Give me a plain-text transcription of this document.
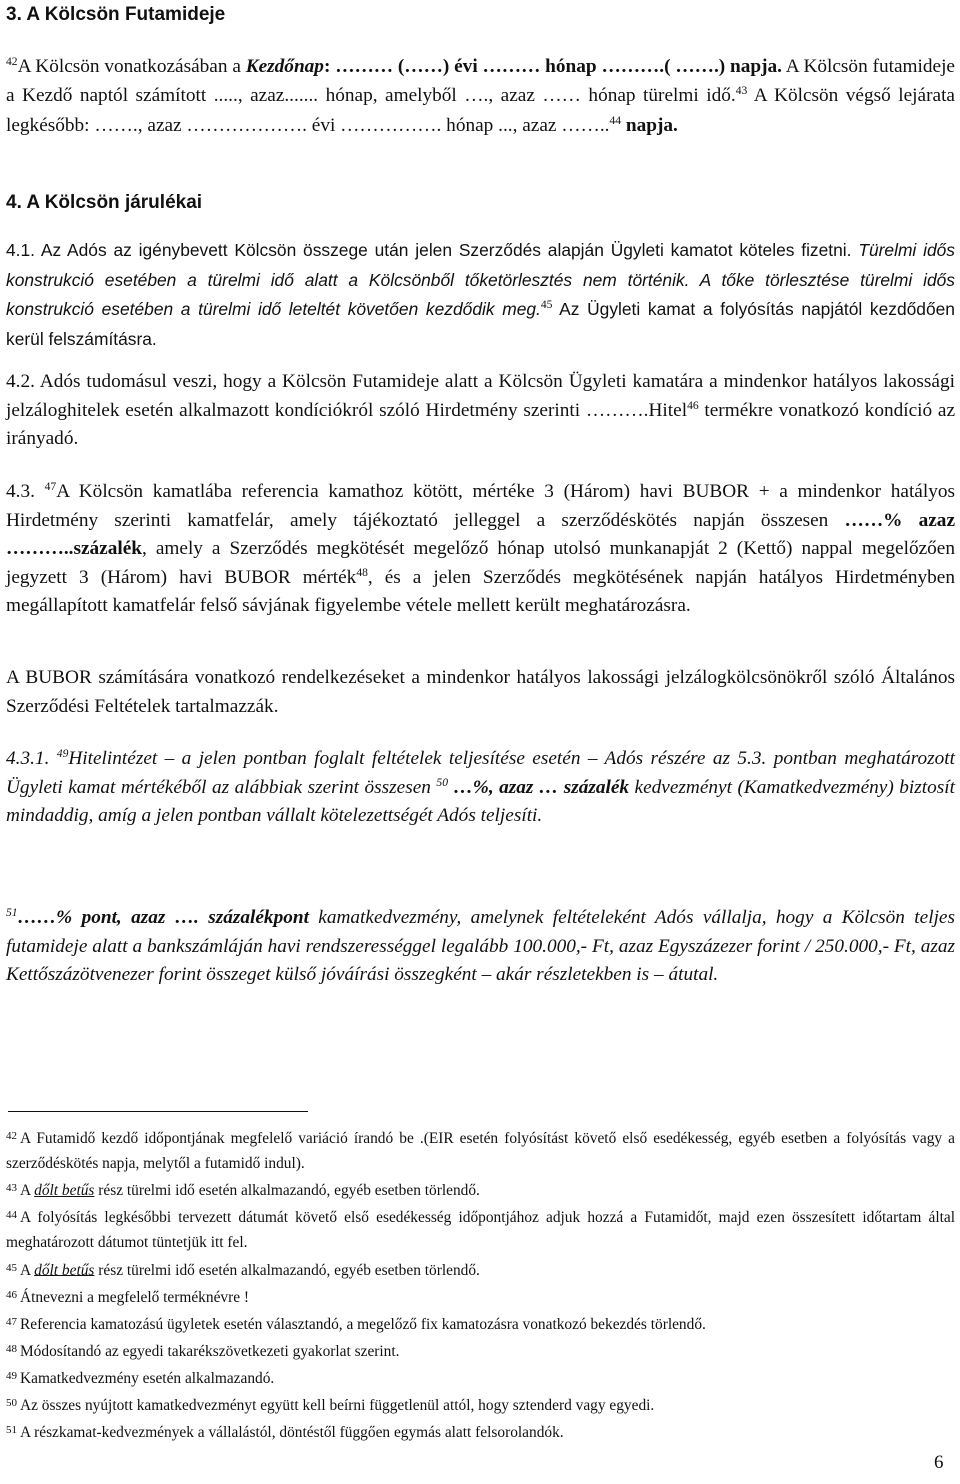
3. A Kölcsön Futamideje

$^{42}$A Kölcsön vonatkozásában a Kezdőnap: ……… (……) évi ……… hónap ……….( …….) napja. A Kölcsön futamideje a Kezdő naptól számított ....., azaz....... hónap, amelyből …., azaz …… hónap türelmi idő.$^{43}$ A Kölcsön végső lejárata legkésőbb: ……., azaz ………………. évi ……………. hónap ..., azaz ……..$^{44}$ napja.

4. A Kölcsön járulékai

4.1. Az Adós az igénybevett Kölcsön összege után jelen Szerződés alapján Ügyleti kamatot köteles fizetni. Türelmi idős konstrukció esetében a türelmi idő alatt a Kölcsönből tőketörlesztés nem történik. A tőke törlesztése türelmi idős konstrukció esetében a türelmi idő leteltét követően kezdődik meg.$^{45}$ Az Ügyleti kamat a folyósítás napjától kezdődően kerül felszámításra.

4.2. Adós tudomásul veszi, hogy a Kölcsön Futamideje alatt a Kölcsön Ügyleti kamatára a mindenkor hatályos lakossági jelzáloghitelek esetén alkalmazott kondíciókról szóló Hirdetmény szerinti ……….Hitel$^{46}$ termékre vonatkozó kondíció az irányadó.

4.3. $^{47}$A Kölcsön kamatlába referencia kamathoz kötött, mértéke 3 (Három) havi BUBOR + a mindenkor hatályos Hirdetmény szerinti kamatfelár, amely tájékoztató jelleggel a szerződéskötés napján összesen ……% azaz ………..százalék, amely a Szerződés megkötését megelőző hónap utolsó munkanapját 2 (Kettő) nappal megelőzően jegyzett 3 (Három) havi BUBOR mérték$^{48}$, és a jelen Szerződés megkötésének napján hatályos Hirdetményben megállapított kamatfelár felső sávjának figyelembe vétele mellett került meghatározásra.

A BUBOR számítására vonatkozó rendelkezéseket a mindenkor hatályos lakossági jelzálogkölcsönökről szóló Általános Szerződési Feltételek tartalmazzák.

4.3.1. $^{49}$Hitelintézet – a jelen pontban foglalt feltételek teljesítése esetén – Adós részére az 5.3. pontban meghatározott Ügyleti kamat mértékéből az alábbiak szerint összesen $^{50}$ …%, azaz … százalék kedvezményt (Kamatkedvezmény) biztosít mindaddig, amíg a jelen pontban vállalt kötelezettségét Adós teljesíti.

$^{51}$……% pont, azaz …. százalékpont kamatkedvezmény, amelynek feltételeként Adós vállalja, hogy a Kölcsön teljes futamideje alatt a bankszámláján havi rendszerességgel legalább 100.000,- Ft, azaz Egyszázezer forint / 250.000,- Ft, azaz Kettőszázötvenezer forint összeget külső jóváírási összegként – akár részletekben is – átutal.

$^{42}$ A Futamidő kezdő időpontjának megfelelő variáció írandó be .(EIR esetén folyósítást követő első esedékesség, egyéb esetben a folyósítás vagy a szerződéskötés napja, melytől a futamidő indul).

$^{43}$ A dőlt betűs rész türelmi idő esetén alkalmazandó, egyéb esetben törlendő.

$^{44}$ A folyósítás legkésőbbi tervezett dátumát követő első esedékesség időpontjához adjuk hozzá a Futamidőt, majd ezen összesített időtartam által meghatározott dátumot tüntetjük itt fel.

$^{45}$ A dőlt betűs rész türelmi idő esetén alkalmazandó, egyéb esetben törlendő.

$^{46}$ Átnevezni a megfelelő terméknévre !

$^{47}$ Referencia kamatozású ügyletek esetén választandó, a megelőző fix kamatozásra vonatkozó bekezdés törlendő.

$^{48}$ Módosítandó az egyedi takarékszövetkezeti gyakorlat szerint.

$^{49}$ Kamatkedvezmény esetén alkalmazandó.

$^{50}$ Az összes nyújtott kamatkedvezményt együtt kell beírni függetlenül attól, hogy sztenderd vagy egyedi.

$^{51}$ A részkamat-kedvezmények a vállalástól, döntéstől függően egymás alatt felsorolandók.

6
